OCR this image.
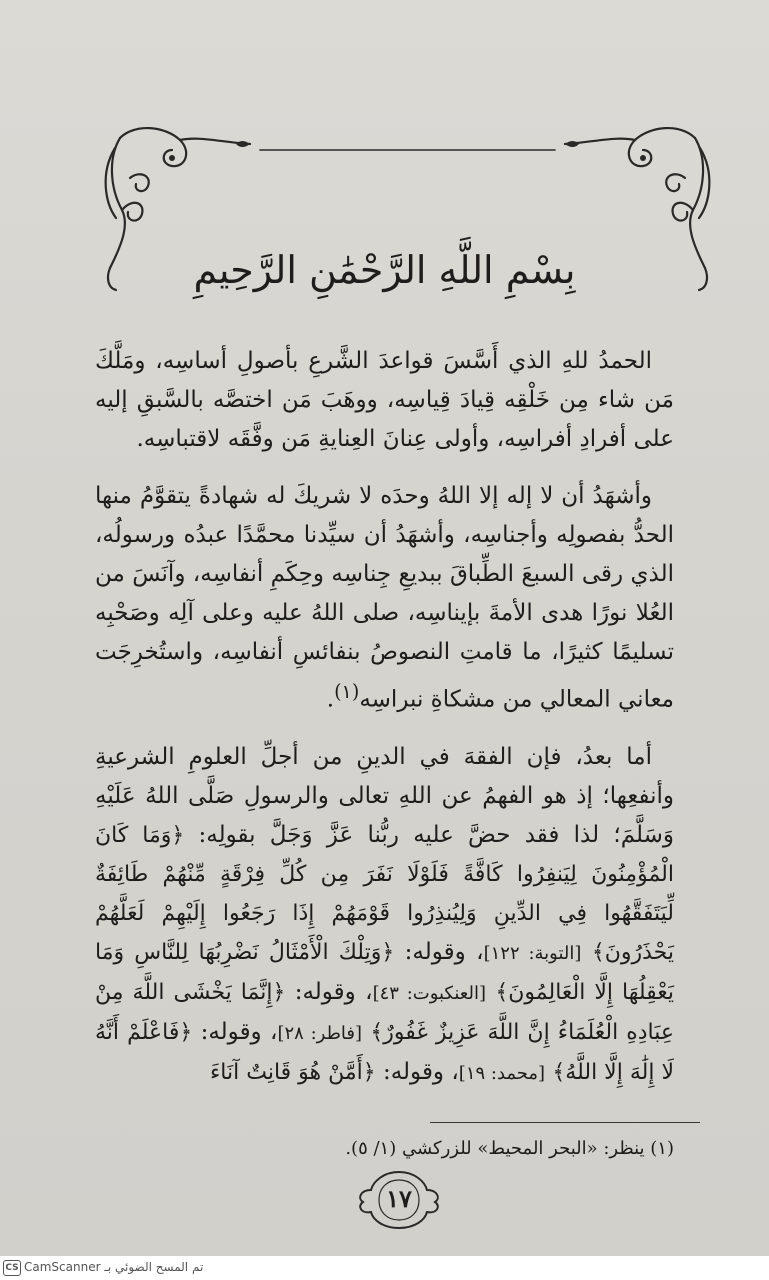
بِسْمِ اللَّهِ الرَّحْمَٰنِ الرَّحِيمِ

الحمدُ للهِ الذي أَسَّسَ قواعدَ الشَّرعِ بأصولِ أساسِه، ومَلَّكَ مَن شاء مِن خَلْقِه قِيادَ قِياسِه، ووهَبَ مَن اختصَّه بالسَّبقِ إليه على أفرادِ أفراسِه، وأولى عِنانَ العِنايةِ مَن وفَّقَه لاقتباسِه.

وأشهَدُ أن لا إله إلا اللهُ وحدَه لا شريكَ له شهادةً يتقوَّمُ منها الحدُّ بفصولِه وأجناسِه، وأشهَدُ أن سيِّدنا محمَّدًا عبدُه ورسولُه، الذي رقى السبعَ الطِّباقَ ببديعِ جِناسِه وحِكَمِ أنفاسِه، وآنَسَ من العُلا نورًا هدى الأمةَ بإيناسِه، صلى اللهُ عليه وعلى آلِه وصَحْبِه تسليمًا كثيرًا، ما قامتِ النصوصُ بنفائسِ أنفاسِه، واستُخرِجَت معاني المعالي من مشكاةِ نبراسِه$^{(١)}$.

أما بعدُ، فإن الفقهَ في الدينِ من أجلِّ العلومِ الشرعيةِ وأنفعِها؛ إذ هو الفهمُ عن اللهِ تعالى والرسولِ صَلَّى اللهُ عَلَيْهِ وَسَلَّمَ؛ لذا فقد حضَّ عليه ربُّنا عَزَّ وَجَلَّ بقولِه: ﴿وَمَا كَانَ الْمُؤْمِنُونَ لِيَنفِرُوا كَافَّةً فَلَوْلَا نَفَرَ مِن كُلِّ فِرْقَةٍ مِّنْهُمْ طَائِفَةٌ لِّيَتَفَقَّهُوا فِي الدِّينِ وَلِيُنذِرُوا قَوْمَهُمْ إِذَا رَجَعُوا إِلَيْهِمْ لَعَلَّهُمْ يَحْذَرُونَ﴾ [التوبة: ١٢٢]، وقوله: ﴿وَتِلْكَ الْأَمْثَالُ نَضْرِبُهَا لِلنَّاسِ وَمَا يَعْقِلُهَا إِلَّا الْعَالِمُونَ﴾ [العنكبوت: ٤٣]، وقوله: ﴿إِنَّمَا يَخْشَى اللَّهَ مِنْ عِبَادِهِ الْعُلَمَاءُ إِنَّ اللَّهَ عَزِيزٌ غَفُورٌ﴾ [فاطر: ٢٨]، وقوله: ﴿فَاعْلَمْ أَنَّهُ لَا إِلَٰهَ إِلَّا اللَّهُ﴾ [محمد: ١٩]، وقوله: ﴿أَمَّنْ هُوَ قَانِتٌ آنَاءَ

(١) ينظر: «البحر المحيط» للزركشي (١/ ٥).
١٧
CS CamScanner تم المسح الضوئي بـ
